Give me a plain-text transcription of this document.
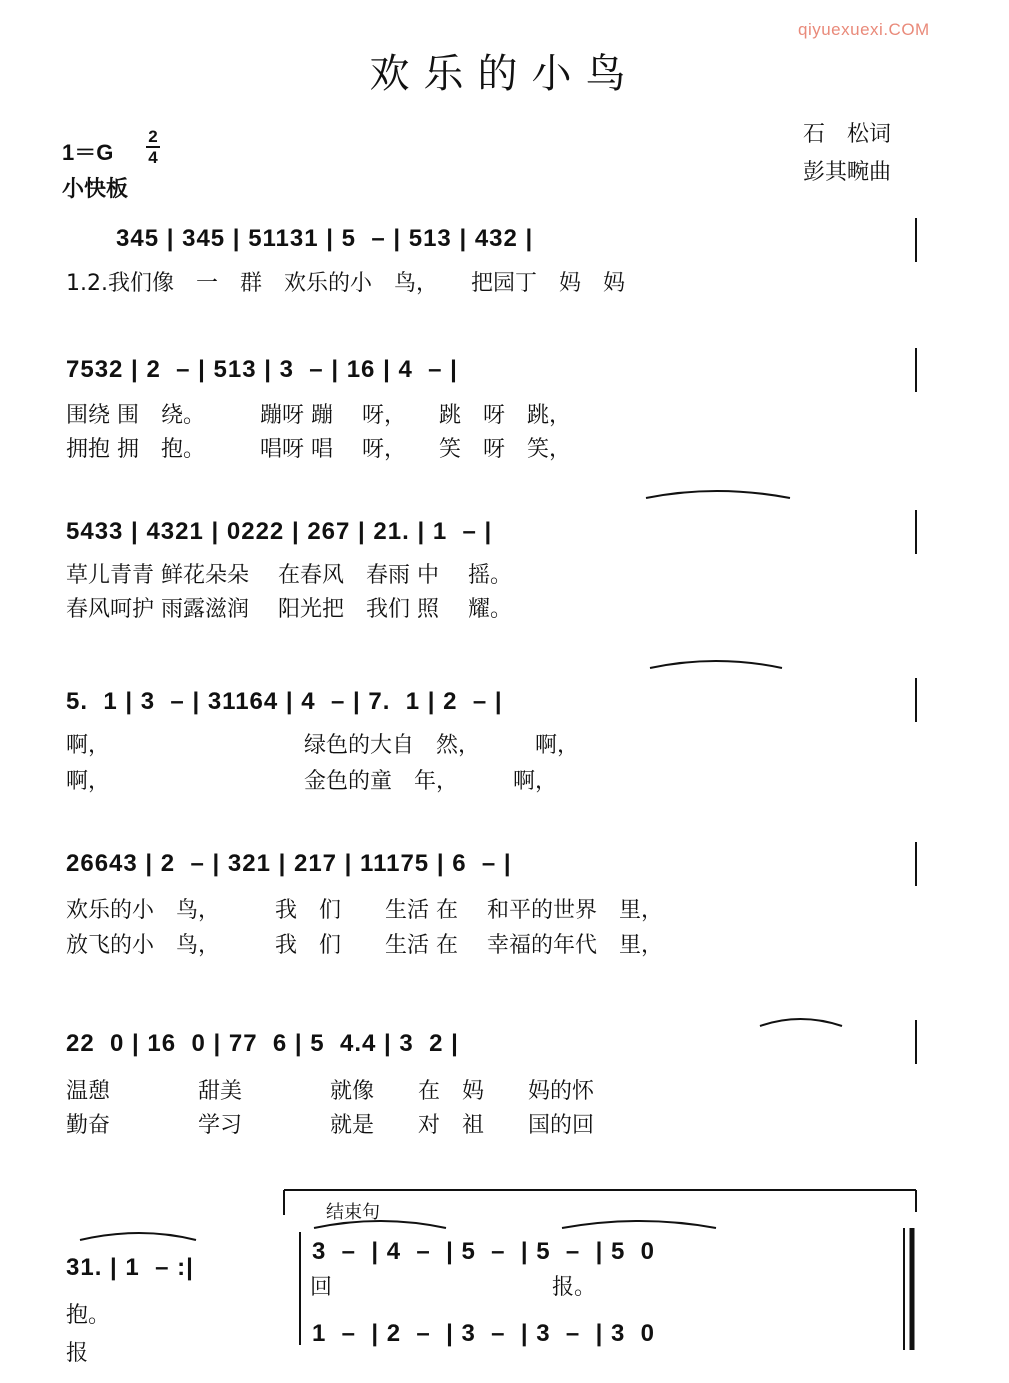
qiyuexuexi.COM
欢乐的小鸟
1＝G
2
4
小快板
石　松词
彭其畹曲
345 | 345 | 51131 | 5  – | 513 | 432 |
1.2.我们像　一　群　欢乐的小　鸟，　　把园丁　妈　妈
7532 | 2  – | 513 | 3  – | 16 | 4  – |
围绕 围　绕。　　　蹦呀 蹦　 呀，　　跳　呀　跳，
拥抱 拥　抱。　　　唱呀 唱　 呀，　　笑　呀　笑，
5433 | 4321 | 0222 | 267 | 21. | 1  – |
草儿青青 鲜花朵朵　 在春风　春雨 中　 摇。
春风呵护 雨露滋润　 阳光把　我们 照　 耀。
5.  1 | 3  – | 31164 | 4  – | 7.  1 | 2  – |
啊，　　　　　　　　　 绿色的大自　然，　　　啊，
啊，　　　　　　　　　 金色的童　年，　　　啊，
26643 | 2  – | 321 | 217 | 11175 | 6  – |
欢乐的小　鸟，　　　我　们　　生活 在　 和平的世界　里，
放飞的小　鸟，　　　我　们　　生活 在　 幸福的年代　里，
22  0 | 16  0 | 77  6 | 5  4.4 | 3  2 |
温憩　　　　甜美　　　　就像　　在　妈　　妈的怀
勤奋　　　　学习　　　　就是　　对　祖　　国的回
31. | 1  – :|
抱。
报
结束句
3  –  | 4  –  | 5  –  | 5  –  | 5  0
回　　　　　　　　　　报。
1  –  | 2  –  | 3  –  | 3  –  | 3  0
